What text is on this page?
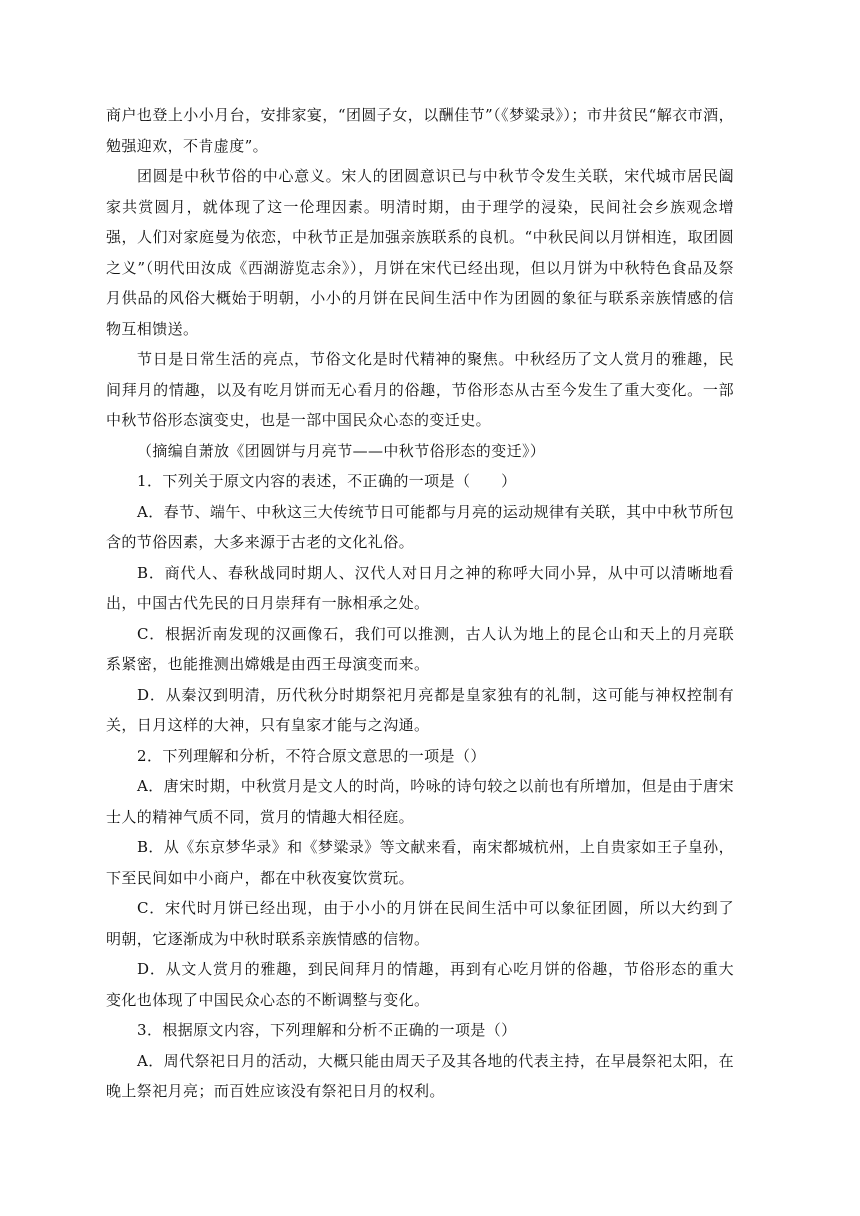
商户也登上小小月台，安排家宴，“团圆子女，以酬佳节”（《梦粱录》）；市井贫民“解衣市酒，勉强迎欢，不肯虚度”。

团圆是中秋节俗的中心意义。宋人的团圆意识已与中秋节令发生关联，宋代城市居民阖家共赏圆月，就体现了这一伦理因素。明清时期，由于理学的浸染，民间社会乡族观念增强，人们对家庭曼为依恋，中秋节正是加强亲族联系的良机。“中秋民间以月饼相连，取团圆之义”（明代田汝成《西湖游览志余》），月饼在宋代已经出现，但以月饼为中秋特色食品及祭月供品的风俗大概始于明朝，小小的月饼在民间生活中作为团圆的象征与联系亲族情感的信物互相馈送。

节日是日常生活的亮点，节俗文化是时代精神的聚焦。中秋经历了文人赏月的雅趣，民间拜月的情趣，以及有吃月饼而无心看月的俗趣，节俗形态从古至今发生了重大变化。一部中秋节俗形态演变史，也是一部中国民众心态的变迁史。

（摘编自萧放《团圆饼与月亮节——中秋节俗形态的变迁》）

1．下列关于原文内容的表述，不正确的一项是（　　）

A．春节、端午、中秋这三大传统节日可能都与月亮的运动规律有关联，其中中秋节所包含的节俗因素，大多来源于古老的文化礼俗。

B．商代人、春秋战同时期人、汉代人对日月之神的称呼大同小异，从中可以清晰地看出，中国古代先民的日月崇拜有一脉相承之处。

C．根据沂南发现的汉画像石，我们可以推测，古人认为地上的昆仑山和天上的月亮联系紧密，也能推测出嫦娥是由西王母演变而来。

D．从秦汉到明清，历代秋分时期祭祀月亮都是皇家独有的礼制，这可能与神权控制有关，日月这样的大神，只有皇家才能与之沟通。

2．下列理解和分析，不符合原文意思的一项是（）

A．唐宋时期，中秋赏月是文人的时尚，吟咏的诗句较之以前也有所增加，但是由于唐宋士人的精神气质不同，赏月的情趣大相径庭。

B．从《东京梦华录》和《梦粱录》等文献来看，南宋都城杭州，上自贵家如王子皇孙，下至民间如中小商户，都在中秋夜宴饮赏玩。

C．宋代时月饼已经出现，由于小小的月饼在民间生活中可以象征团圆，所以大约到了明朝，它逐渐成为中秋时联系亲族情感的信物。

D．从文人赏月的雅趣，到民间拜月的情趣，再到有心吃月饼的俗趣，节俗形态的重大变化也体现了中国民众心态的不断调整与变化。

3．根据原文内容，下列理解和分析不正确的一项是（）

A．周代祭祀日月的活动，大概只能由周天子及其各地的代表主持，在早晨祭祀太阳，在晚上祭祀月亮；而百姓应该没有祭祀日月的权利。
